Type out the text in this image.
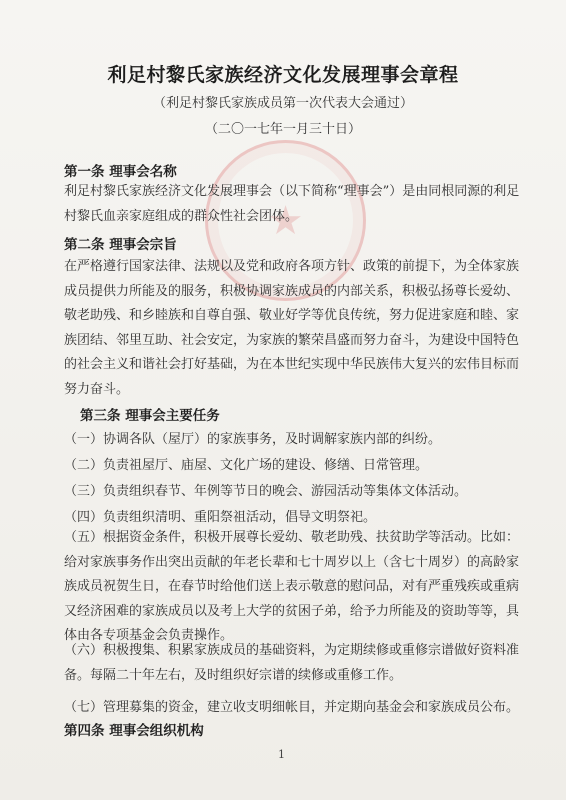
★
利足村黎氏家族经济文化发展理事会章程
（利足村黎氏家族成员第一次代表大会通过）
（二〇一七年一月三十日）
第一条 理事会名称
利足村黎氏家族经济文化发展理事会（以下简称“理事会”）是由同根同源的利足村黎氏血亲家庭组成的群众性社会团体。
第二条 理事会宗旨
在严格遵行国家法律、法规以及党和政府各项方针、政策的前提下，为全体家族成员提供力所能及的服务，积极协调家族成员的内部关系，积极弘扬尊长爱幼、敬老助残、和乡睦族和自尊自强、敬业好学等优良传统，努力促进家庭和睦、家族团结、邻里互助、社会安定，为家族的繁荣昌盛而努力奋斗，为建设中国特色的社会主义和谐社会打好基础，为在本世纪实现中华民族伟大复兴的宏伟目标而努力奋斗。
第三条 理事会主要任务
（一）协调各队（屋厅）的家族事务，及时调解家族内部的纠纷。
（二）负责祖屋厅、庙屋、文化广场的建设、修缮、日常管理。
（三）负责组织春节、年例等节日的晚会、游园活动等集体文体活动。
（四）负责组织清明、重阳祭祖活动，倡导文明祭祀。
（五）根据资金条件，积极开展尊长爱幼、敬老助残、扶贫助学等活动。比如：给对家族事务作出突出贡献的年老长辈和七十周岁以上（含七十周岁）的高龄家族成员祝贺生日，在春节时给他们送上表示敬意的慰问品，对有严重残疾或重病又经济困难的家族成员以及考上大学的贫困子弟，给予力所能及的资助等等，具体由各专项基金会负责操作。
（六）积极搜集、积累家族成员的基础资料，为定期续修或重修宗谱做好资料准备。每隔二十年左右，及时组织好宗谱的续修或重修工作。
（七）管理募集的资金，建立收支明细帐目，并定期向基金会和家族成员公布。
第四条 理事会组织机构
1
